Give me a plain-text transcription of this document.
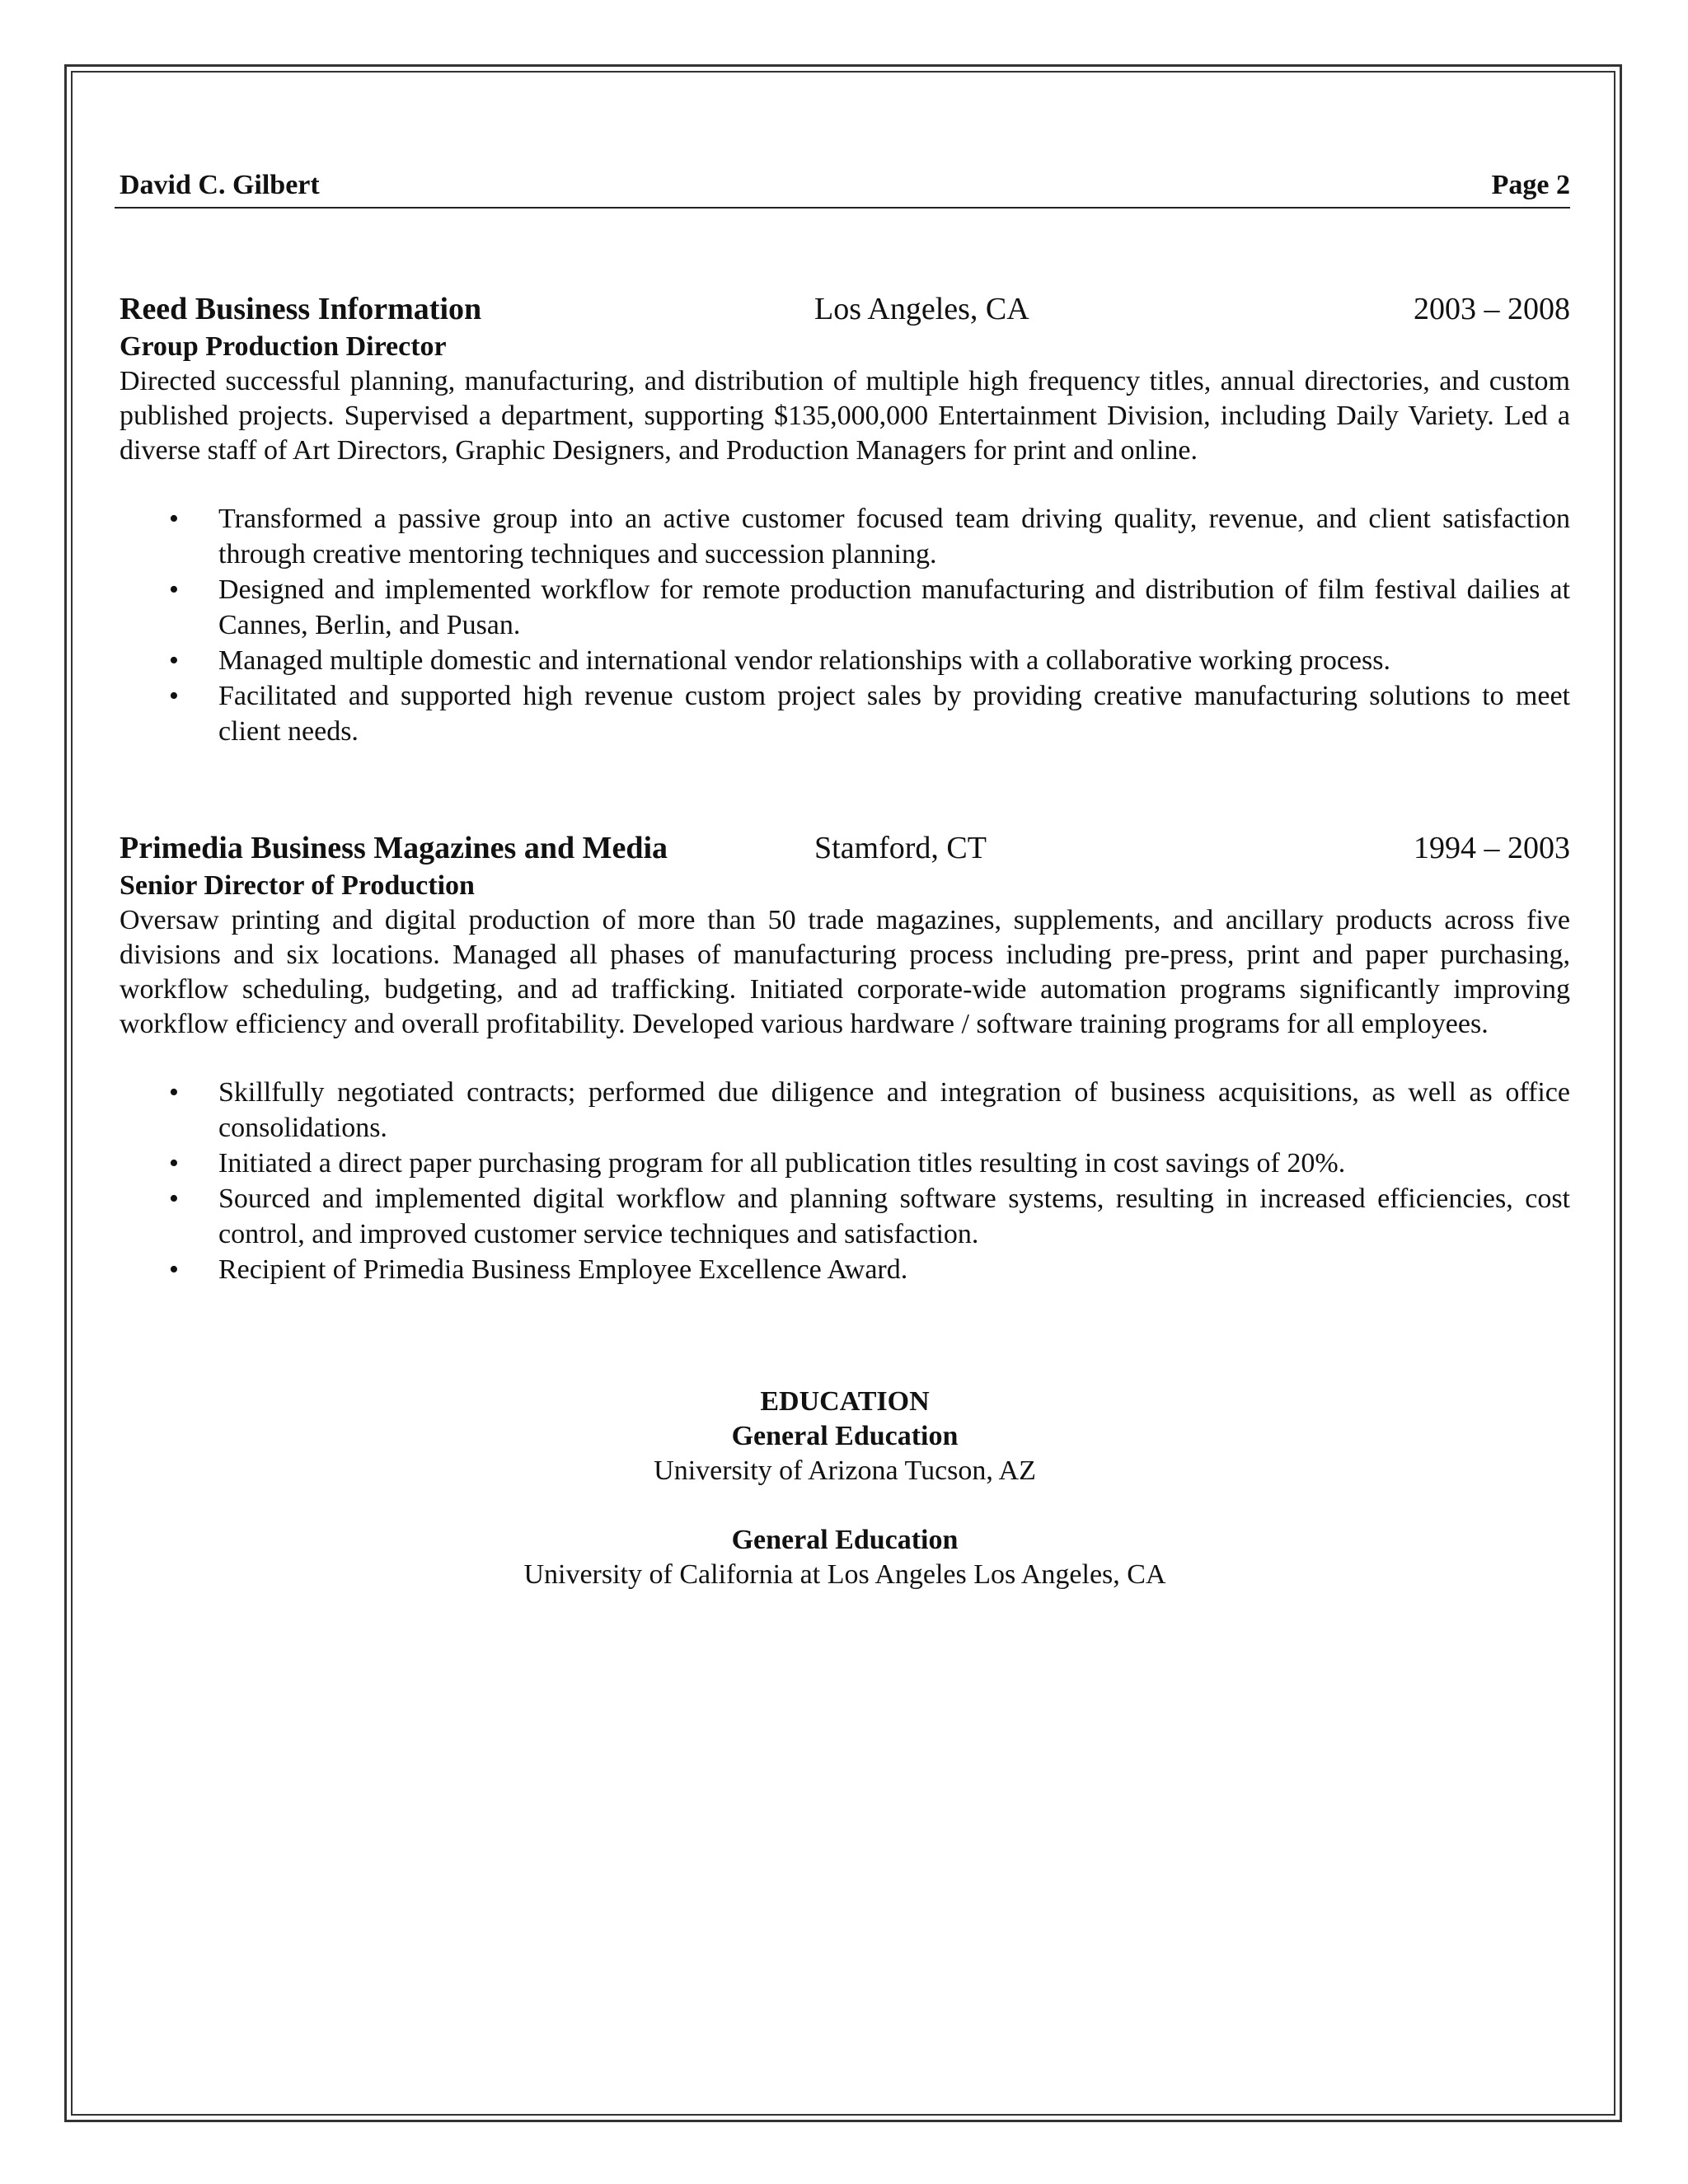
David C. Gilbert	Page 2
Reed Business Information	Los Angeles, CA	2003 – 2008
Group Production Director

Directed successful planning, manufacturing, and distribution of multiple high frequency titles, annual directories, and custom published projects. Supervised a department, supporting $135,000,000 Entertainment Division, including Daily Variety. Led a diverse staff of Art Directors, Graphic Designers, and Production Managers for print and online.

• Transformed a passive group into an active customer focused team driving quality, revenue, and client satisfaction through creative mentoring techniques and succession planning.
• Designed and implemented workflow for remote production manufacturing and distribution of film festival dailies at Cannes, Berlin, and Pusan.
• Managed multiple domestic and international vendor relationships with a collaborative working process.
• Facilitated and supported high revenue custom project sales by providing creative manufacturing solutions to meet client needs.
Primedia Business Magazines and Media	Stamford, CT	1994 – 2003
Senior Director of Production

Oversaw printing and digital production of more than 50 trade magazines, supplements, and ancillary products across five divisions and six locations. Managed all phases of manufacturing process including pre-press, print and paper purchasing, workflow scheduling, budgeting, and ad trafficking. Initiated corporate-wide automation programs significantly improving workflow efficiency and overall profitability. Developed various hardware / software training programs for all employees.

• Skillfully negotiated contracts; performed due diligence and integration of business acquisitions, as well as office consolidations.
• Initiated a direct paper purchasing program for all publication titles resulting in cost savings of 20%.
• Sourced and implemented digital workflow and planning software systems, resulting in increased efficiencies, cost control, and improved customer service techniques and satisfaction.
• Recipient of Primedia Business Employee Excellence Award.
EDUCATION
General Education
University of Arizona Tucson, AZ
General Education
University of California at Los Angeles Los Angeles, CA
